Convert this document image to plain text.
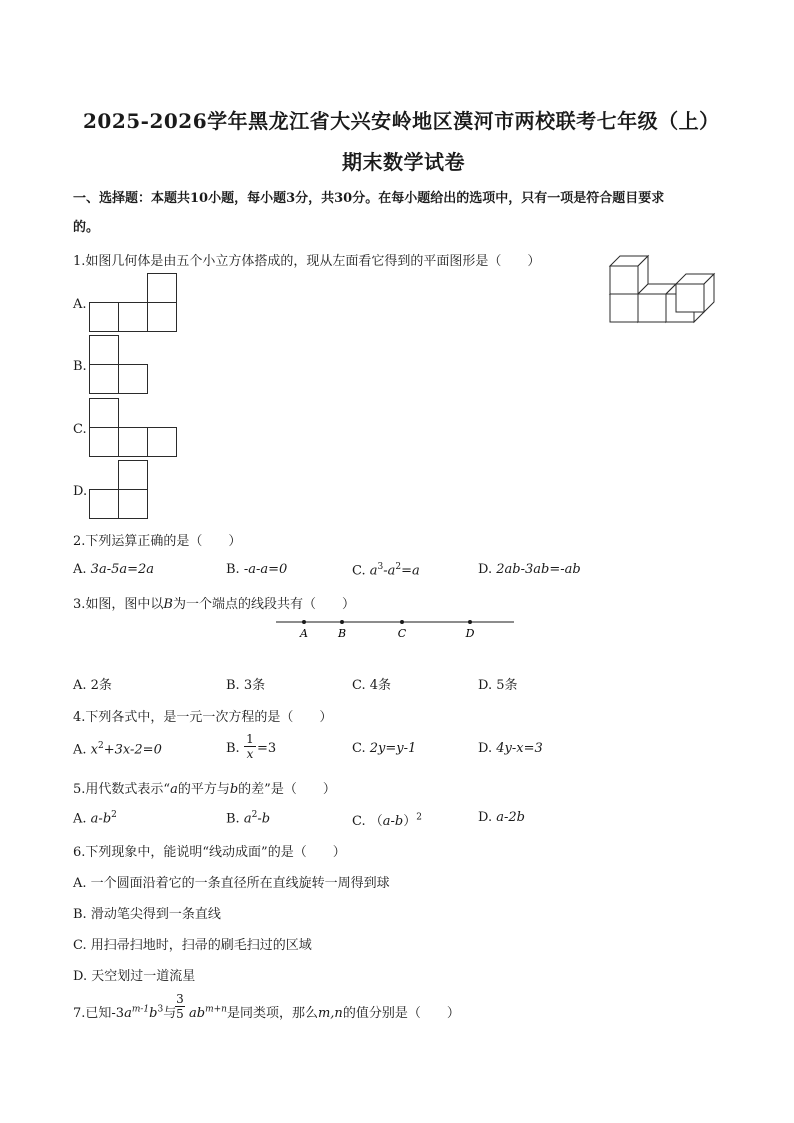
2025-2026学年黑龙江省大兴安岭地区漠河市两校联考七年级（上）
期末数学试卷
一、选择题：本题共10小题，每小题3分，共30分。在每小题给出的选项中，只有一项是符合题目要求
的。
1.如图几何体是由五个小立方体搭成的，现从左面看它得到的平面图形是（　　）
A.
B.
C.
D.
2.下列运算正确的是（　　）
A. 3a-5a=2a	B. -a-a=0	C. $a^3-a^2=a$	D. 2ab-3ab=-ab
3.如图，图中以B为一个端点的线段共有（　　）
A	B	C	D
A. 2条	B. 3条	C. 4条	D. 5条
4.下列各式中，是一元一次方程的是（　　）
A. $x^2+3x-2=0$	B. $\frac{1}{x} =3$	C. 2y=y-1	D. 4y-x=3
5.用代数式表示“a的平方与b的差”是（　　）
A. $a-b^2$	B. $a^2-b$	C. $(a-b)^2$	D. a-2b
6.下列现象中，能说明“线动成面”的是（　　）
A. 一个圆面沿着它的一条直径所在直线旋转一周得到球
B. 滑动笔尖得到一条直线
C. 用扫帚扫地时，扫帚的刷毛扫过的区域
D. 天空划过一道流星
7.已知$-3a^{m-1}b^3$与
$\frac{3}{5} ab^{m+n}$是同类项，那么m,n的值分别是（　　）
